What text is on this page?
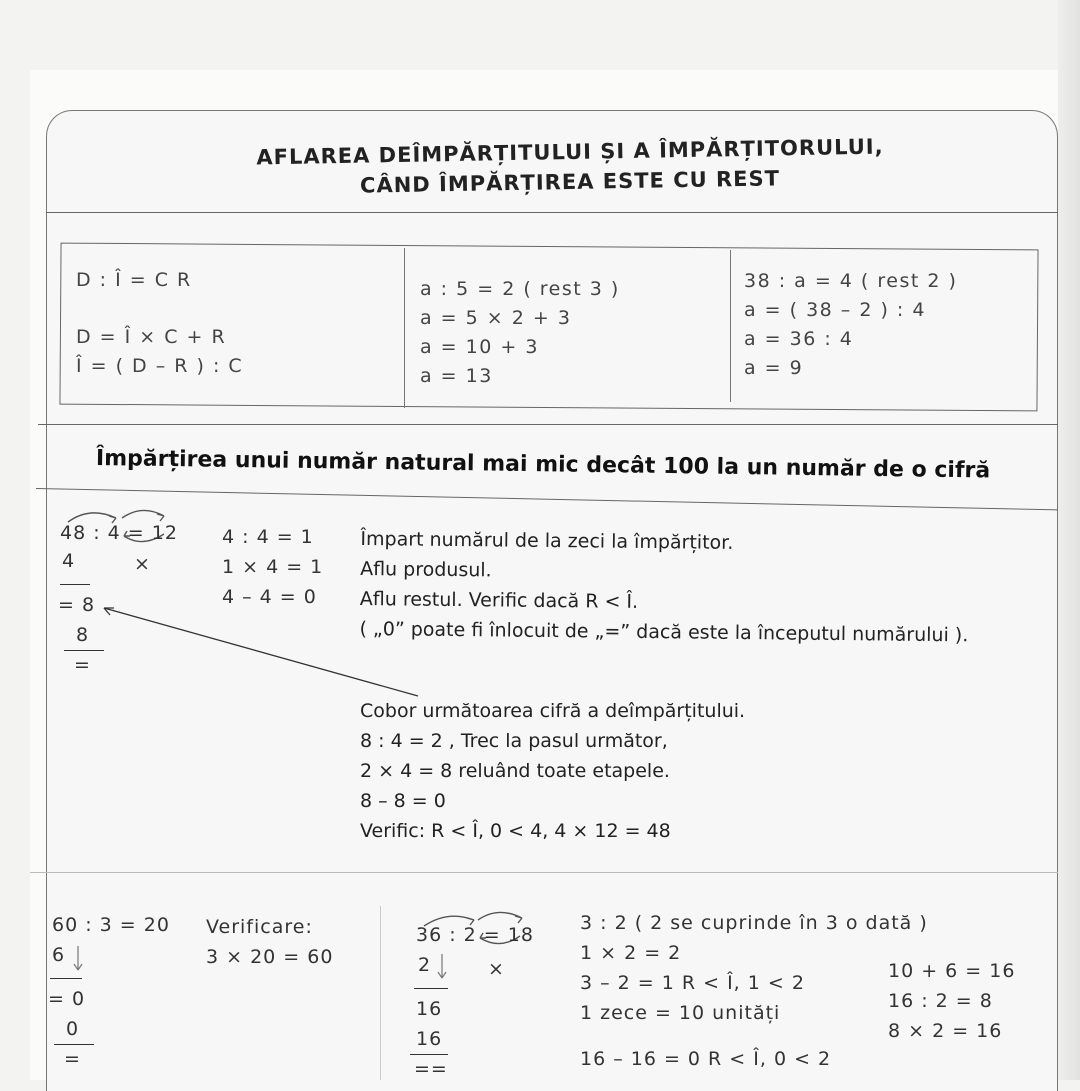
AFLAREA DEÎMPĂRȚITULUI ȘI A ÎMPĂRȚITORULUI,
CÂND ÎMPĂRȚIREA ESTE CU REST
D : Î = C R
D = Î × C + R
Î = ( D – R ) : C
a : 5 = 2 ( rest 3 )
a = 5 × 2 + 3
a = 10 + 3
a = 13
38 : a = 4 ( rest 2 )
a = ( 38 – 2 ) : 4
a = 36 : 4
a = 9
Împărțirea unui număr natural mai mic decât 100 la un număr de o cifră
48 : 4 = 12
4	×
= 8
8
=
4 : 4 = 1
1 × 4 = 1
4 – 4 = 0
Împart numărul de la zeci la împărțitor.
Aflu produsul.
Aflu restul. Verific dacă R < Î.
( „0” poate fi înlocuit de „=” dacă este la începutul numărului ).
Cobor următoarea cifră a deîmpărțitului.
8 : 4 = 2 , Trec la pasul următor,
2 × 4 = 8 reluând toate etapele.
8 – 8 = 0
Verific: R < Î, 0 < 4, 4 × 12 = 48
60 : 3 = 20
6
= 0
0
=
Verificare:
3 × 20 = 60
36 : 2 = 18
2	×
16
16
==
3 : 2 ( 2 se cuprinde în 3 o dată )
1 × 2 = 2
3 – 2 = 1 R < Î, 1 < 2
1 zece = 10 unități
16 – 16 = 0 R < Î, 0 < 2
10 + 6 = 16
16 : 2 = 8
8 × 2 = 16
